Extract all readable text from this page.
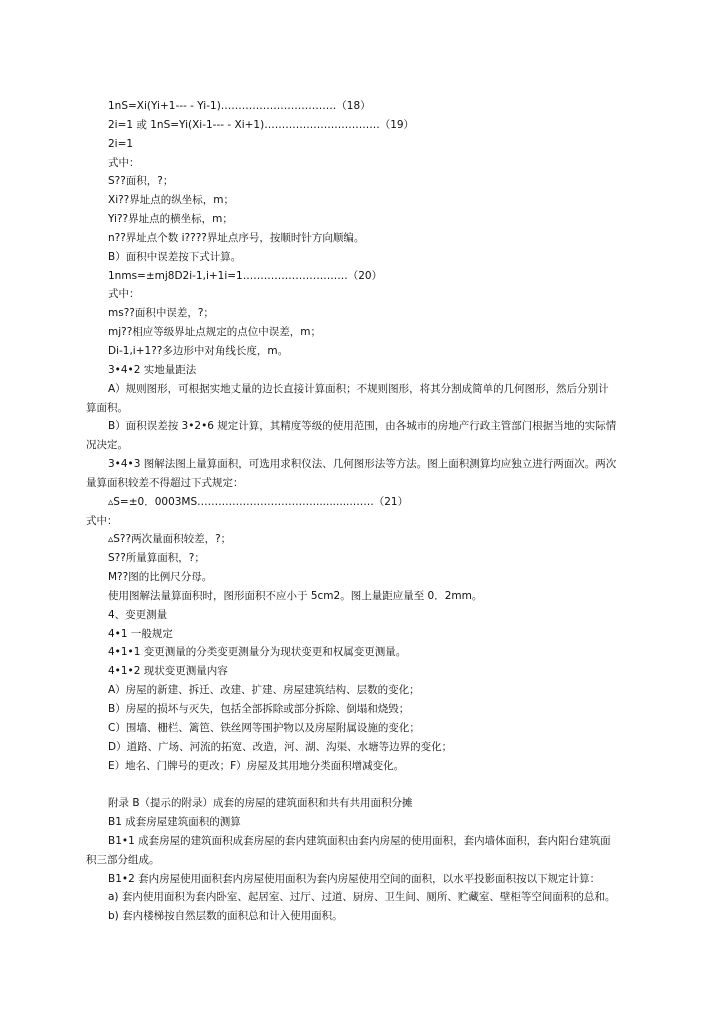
1nS=Xi(Yi+1--- - Yi-1)……………………………（18）
2i=1 或 1nS=Yi(Xi-1--- - Xi+1)……………………………（19）
2i=1
式中：
S??面积，?；
Xi??界址点的纵坐标，m；
Yi??界址点的横坐标，m；
n??界址点个数 i????界址点序号，按顺时针方向顺编。
B）面积中误差按下式计算。
1nms=±mj8D2i-1,i+1i=1…………………………（20）
式中：
ms??面积中误差，?；
mj??相应等级界址点规定的点位中误差，m；
Di-1,i+1??多边形中对角线长度，m。
3•4•2 实地量距法
A）规则图形，可根据实地丈量的边长直接计算面积；不规则图形，将其分割成简单的几何图形，然后分别计
算面积。
B）面积误差按 3•2•6 规定计算，其精度等级的使用范围，由各城市的房地产行政主管部门根据当地的实际情
况决定。
3•4•3 图解法图上量算面积，可选用求积仪法、几何图形法等方法。图上面积测算均应独立进行两面次。两次
量算面积较差不得超过下式规定：
▵S=±0．0003MS……………………………............……（21）
式中：
▵S??两次量面积较差，?；
S??所量算面积，?；
M??图的比例尺分母。
使用图解法量算面积时，图形面积不应小于 5cm2。图上量距应量至 0．2mm。
4、变更测量
4•1 一般规定
4•1•1 变更测量的分类变更测量分为现状变更和权属变更测量。
4•1•2 现状变更测量内容
A）房屋的新建、拆迁、改建、扩建、房屋建筑结构、层数的变化；
B）房屋的损坏与灭失，包括全部拆除或部分拆除、倒塌和烧毁；
C）围墙、栅栏、篱笆、铁丝网等围护物以及房屋附属设施的变化；
D）道路、广场、河流的拓宽、改造，河、湖、沟渠、水塘等边界的变化；
E）地名、门牌号的更改；F）房屋及其用地分类面积增减变化。
附录 B（提示的附录）成套的房屋的建筑面积和共有共用面积分摊
B1 成套房屋建筑面积的测算
B1•1 成套房屋的建筑面积成套房屋的套内建筑面积由套内房屋的使用面积，套内墙体面积，套内阳台建筑面
积三部分组成。
B1•2 套内房屋使用面积套内房屋使用面积为套内房屋使用空间的面积，以水平投影面积按以下规定计算：
a) 套内使用面积为套内卧室、起居室、过厅、过道、厨房、卫生间、厕所、贮藏室、壁柜等空间面积的总和。
b) 套内楼梯按自然层数的面积总和计入使用面积。
